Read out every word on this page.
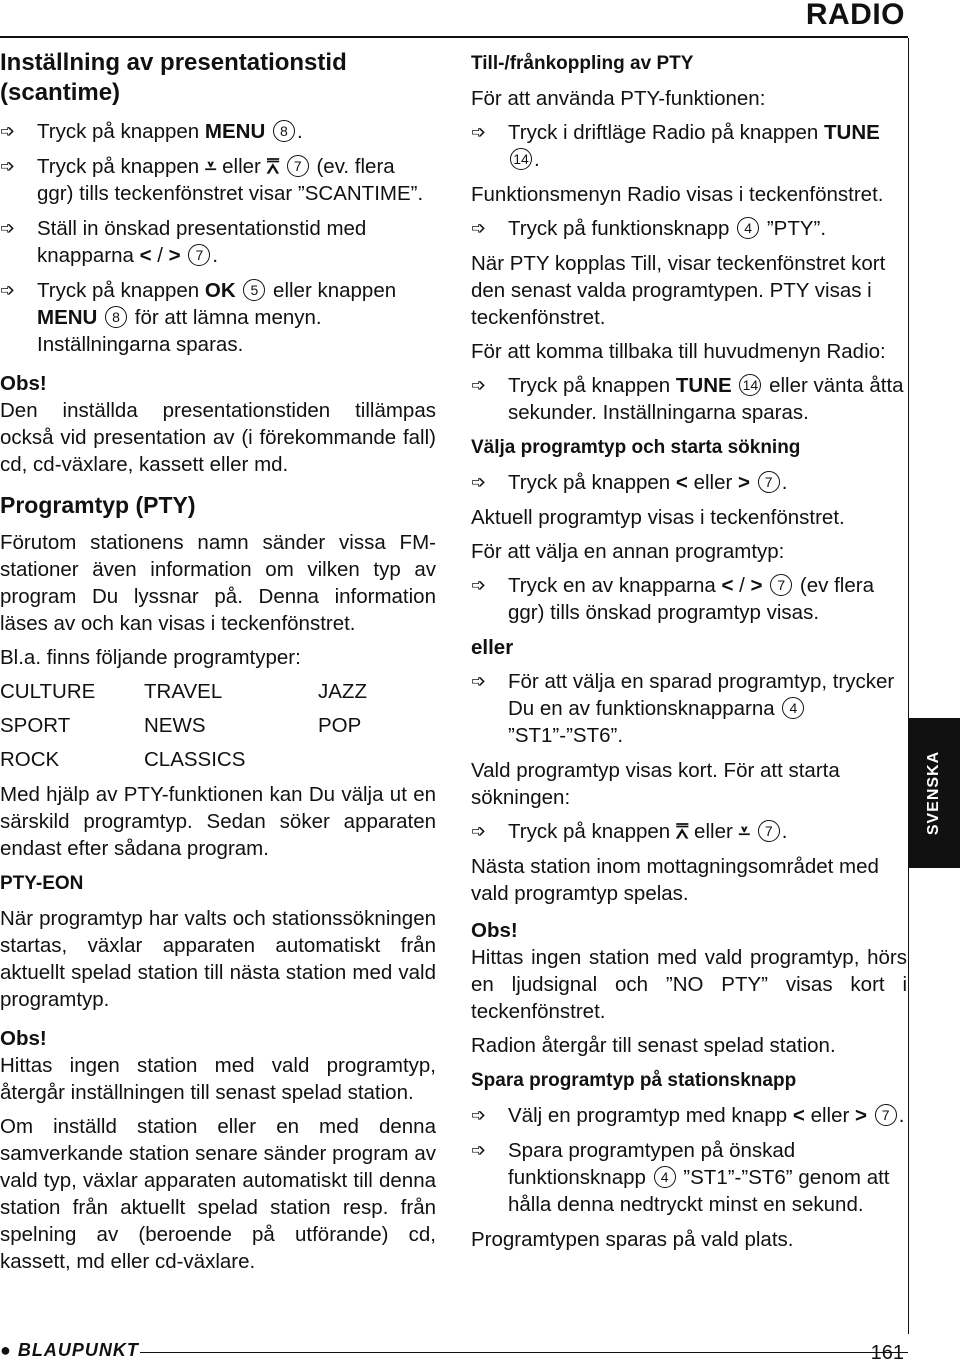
RADIO
Inställning av presentationstid (scantime)
➩ Tryck på knappen MENU 8 .
➩ Tryck på knappen ⩡ eller ⩞ 7 (ev. flera ggr) tills teckenfönstret visar ”SCANTIME”.
➩ Ställ in önskad presentationstid med knapparna < / > 7 .
➩ Tryck på knappen OK 5 eller knappen MENU 8 för att lämna menyn. Inställningarna sparas.

Obs!

Den inställda presentationstiden tillämpas också vid presentation av (i förekommande fall) cd, cd-växlare, kassett eller md.

Programtyp (PTY)

Förutom stationens namn sänder vissa FM-stationer även information om vilken typ av program Du lyssnar på. Denna information läses av och kan visas i teckenfönstret.

Bl.a. finns följande programtyper:

CULTURE	TRAVEL	JAZZ
SPORT	NEWS	POP
ROCK	CLASSICS

Med hjälp av PTY-funktionen kan Du välja ut en särskild programtyp. Sedan söker apparaten endast efter sådana program.

PTY-EON

När programtyp har valts och stationssökningen startas, växlar apparaten automatiskt från aktuellt spelad station till nästa station med vald programtyp.

Obs!

Hittas ingen station med vald programtyp, återgår inställningen till senast spelad station.

Om inställd station eller en med denna samverkande station senare sänder program av vald typ, växlar apparaten automatiskt till denna station från aktuellt spelad station resp. från spelning av (beroende på utförande) cd, kassett, md eller cd-växlare.

Till-/frånkoppling av PTY

För att använda PTY-funktionen:

➩ Tryck i driftläge Radio på knappen TUNE 14 .

Funktionsmenyn Radio visas i teckenfönstret.

➩ Tryck på funktionsknapp 4 ”PTY”.

När PTY kopplas Till, visar teckenfönstret kort den senast valda programtypen. PTY visas i teckenfönstret.

För att komma tillbaka till huvudmenyn Radio:

➩ Tryck på knappen TUNE 14 eller vänta åtta sekunder. Inställningarna sparas.
Välja programtyp och starta sökning
➩ Tryck på knappen < eller > 7 .

Aktuell programtyp visas i teckenfönstret.

För att välja en annan programtyp:

➩ Tryck en av knapparna < / > 7 (ev flera ggr) tills önskad programtyp visas.

eller

➩ För att välja en sparad programtyp, trycker Du en av funktionsknapparna 4 ”ST1”-”ST6”.

Vald programtyp visas kort. För att starta sökningen:

➩ Tryck på knappen ⩞ eller ⩡ 7 .

Nästa station inom mottagningsområdet med vald programtyp spelas.

Obs!

Hittas ingen station med vald programtyp, hörs en ljudsignal och ”NO PTY” visas kort i teckenfönstret.

Radion återgår till senast spelad station.

Spara programtyp på stationsknapp
➩ Välj en programtyp med knapp < eller > 7 .
➩ Spara programtypen på önskad funktionsknapp 4 ”ST1”-”ST6” genom att hålla denna nedtryckt minst en sekund.

Programtypen sparas på vald plats.

SVENSKA
● BLAUPUNKT	161
